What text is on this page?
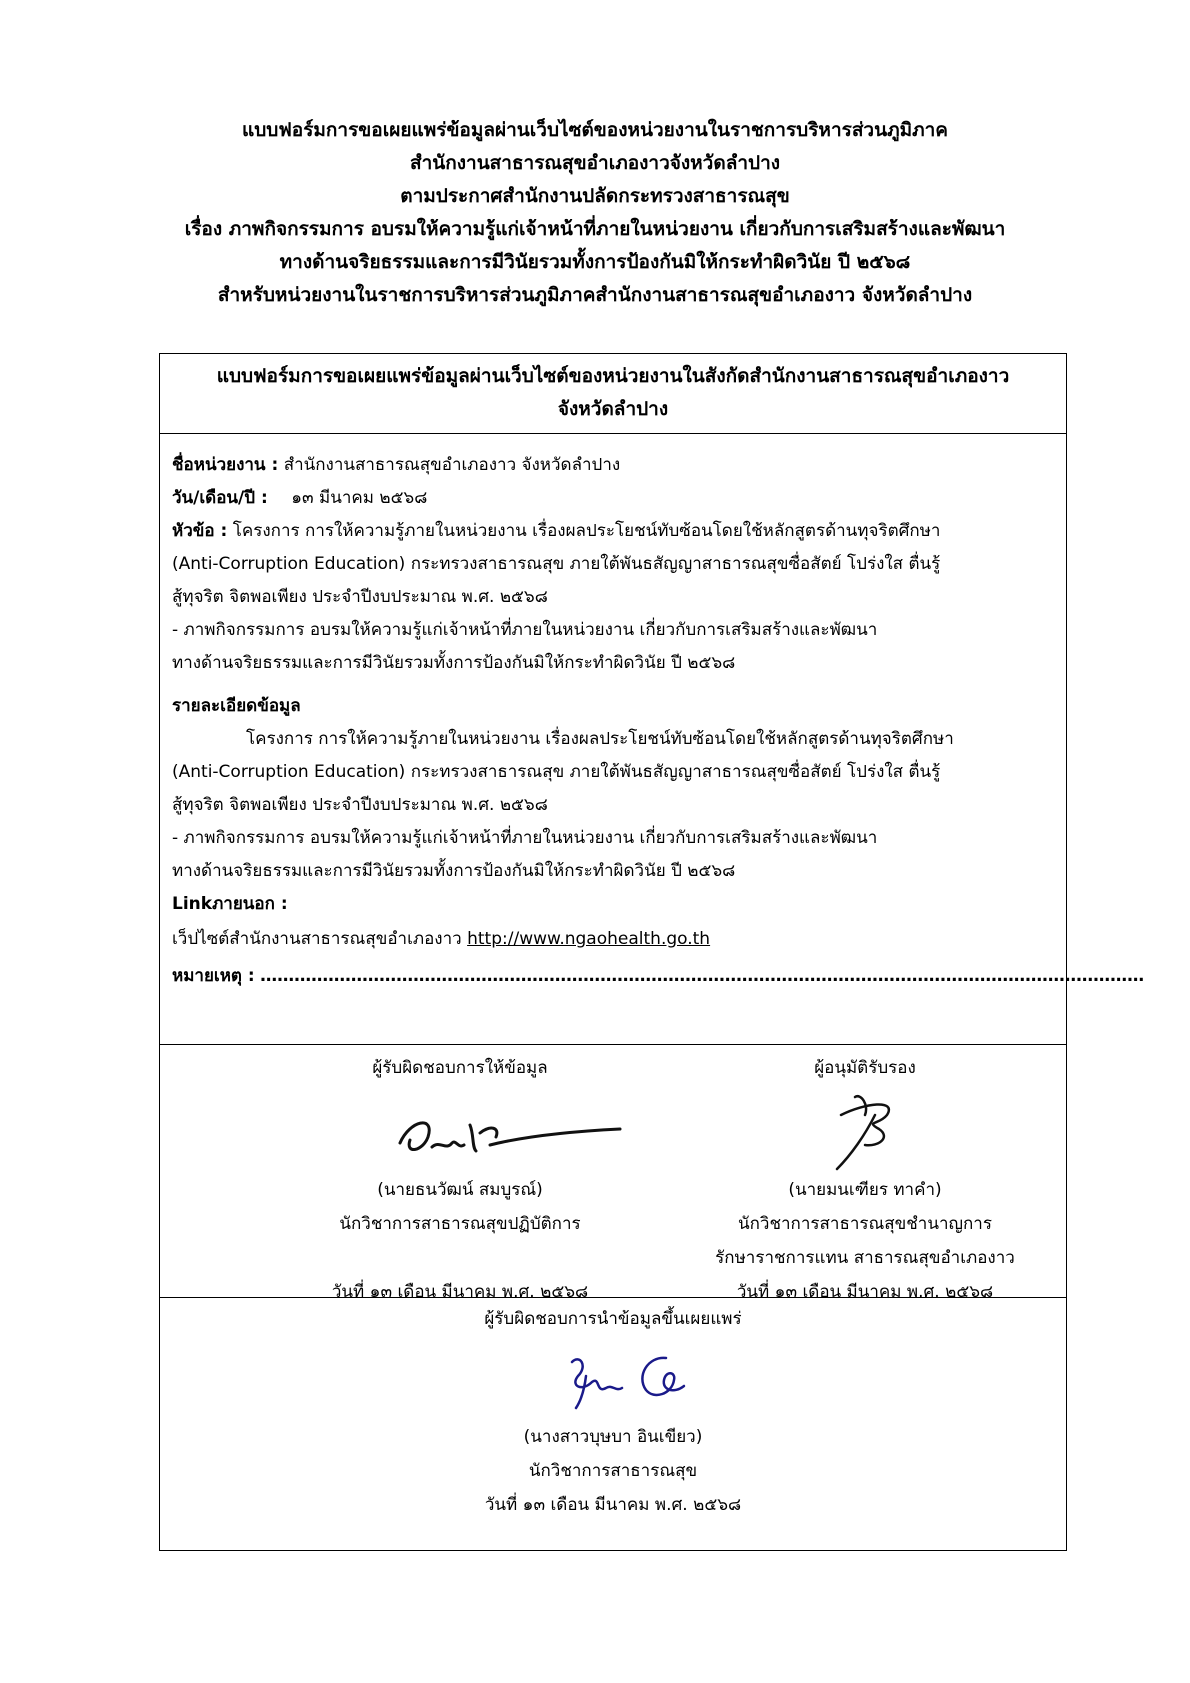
แบบฟอร์มการขอเผยแพร่ข้อมูลผ่านเว็บไซต์ของหน่วยงานในราชการบริหารส่วนภูมิภาค
สำนักงานสาธารณสุขอำเภองาวจังหวัดลำปาง
ตามประกาศสำนักงานปลัดกระทรวงสาธารณสุข
เรื่อง ภาพกิจกรรมการ อบรมให้ความรู้แก่เจ้าหน้าที่ภายในหน่วยงาน เกี่ยวกับการเสริมสร้างและพัฒนา
ทางด้านจริยธรรมและการมีวินัยรวมทั้งการป้องกันมิให้กระทำผิดวินัย ปี ๒๕๖๘
สำหรับหน่วยงานในราชการบริหารส่วนภูมิภาคสำนักงานสาธารณสุขอำเภองาว จังหวัดลำปาง
แบบฟอร์มการขอเผยแพร่ข้อมูลผ่านเว็บไซต์ของหน่วยงานในสังกัดสำนักงานสาธารณสุขอำเภองาว
จังหวัดลำปาง
ชื่อหน่วยงาน : สำนักงานสาธารณสุขอำเภองาว จังหวัดลำปาง
วัน/เดือน/ปี : ๑๓ มีนาคม ๒๕๖๘
หัวข้อ : โครงการ การให้ความรู้ภายในหน่วยงาน เรื่องผลประโยชน์ทับซ้อนโดยใช้หลักสูตรด้านทุจริตศึกษา
(Anti-Corruption Education) กระทรวงสาธารณสุข ภายใต้พันธสัญญาสาธารณสุขซื่อสัตย์ โปร่งใส ตื่นรู้
สู้ทุจริต จิตพอเพียง ประจำปีงบประมาณ พ.ศ. ๒๕๖๘
- ภาพกิจกรรมการ อบรมให้ความรู้แก่เจ้าหน้าที่ภายในหน่วยงาน เกี่ยวกับการเสริมสร้างและพัฒนา
ทางด้านจริยธรรมและการมีวินัยรวมทั้งการป้องกันมิให้กระทำผิดวินัย ปี ๒๕๖๘
รายละเอียดข้อมูล
โครงการ การให้ความรู้ภายในหน่วยงาน เรื่องผลประโยชน์ทับซ้อนโดยใช้หลักสูตรด้านทุจริตศึกษา
(Anti-Corruption Education) กระทรวงสาธารณสุข ภายใต้พันธสัญญาสาธารณสุขซื่อสัตย์ โปร่งใส ตื่นรู้
สู้ทุจริต จิตพอเพียง ประจำปีงบประมาณ พ.ศ. ๒๕๖๘
- ภาพกิจกรรมการ อบรมให้ความรู้แก่เจ้าหน้าที่ภายในหน่วยงาน เกี่ยวกับการเสริมสร้างและพัฒนา
ทางด้านจริยธรรมและการมีวินัยรวมทั้งการป้องกันมิให้กระทำผิดวินัย ปี ๒๕๖๘
Linkภายนอก :
เว็ปไซต์สำนักงานสาธารณสุขอำเภองาว http://www.ngaohealth.go.th
หมายเหตุ : …………………………………………………………………………………………………………………………………………
ผู้รับผิดชอบการให้ข้อมูล
(นายธนวัฒน์ สมบูรณ์)
นักวิชาการสาธารณสุขปฏิบัติการ
วันที่ ๑๓ เดือน มีนาคม พ.ศ. ๒๕๖๘
ผู้อนุมัติรับรอง
(นายมนเฑียร ทาคำ)
นักวิชาการสาธารณสุขชำนาญการ
รักษาราชการแทน สาธารณสุขอำเภองาว
วันที่ ๑๓ เดือน มีนาคม พ.ศ. ๒๕๖๘
ผู้รับผิดชอบการนำข้อมูลขึ้นเผยแพร่
(นางสาวบุษบา อินเขียว)
นักวิชาการสาธารณสุข
วันที่ ๑๓ เดือน มีนาคม พ.ศ. ๒๕๖๘
